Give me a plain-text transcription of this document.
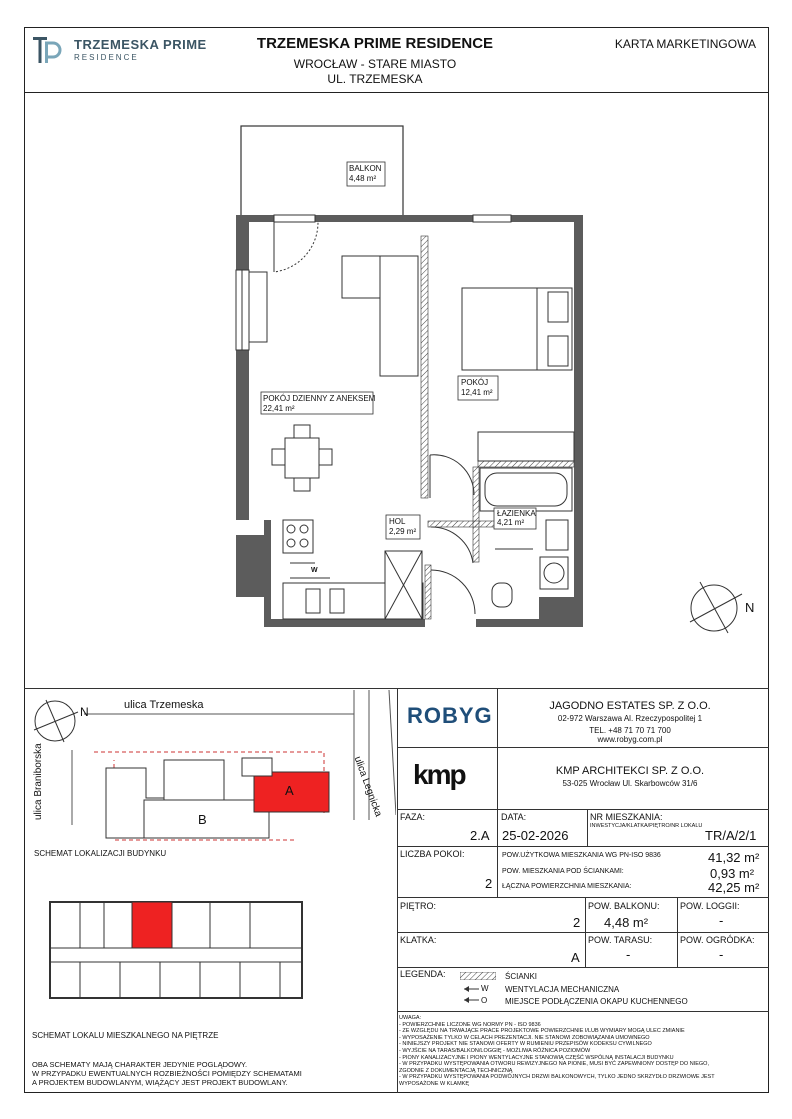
TRZEMESKA PRIME
RESIDENCE
TRZEMESKA PRIME RESIDENCE
WROCŁAW - STARE MIASTO
UL. TRZEMESKA
KARTA MARKETINGOWA
BALKON
4,48 m²
POKÓJ DZIENNY Z ANEKSEM
22,41 m²
POKÓJ
12,41 m²
HOL
2,29 m²
ŁAZIENKA
4,21 m²
W
N
ulica Trzemeska
N
ulica Braniborska	ulica Legnicka
A
B
SCHEMAT LOKALIZACJI BUDYNKU
SCHEMAT LOKALU MIESZKALNEGO NA PIĘTRZE
OBA SCHEMATY MAJĄ CHARAKTER JEDYNIE POGLĄDOWY.
W PRZYPADKU EWENTUALNYCH ROZBIEŻNOŚCI POMIĘDZY SCHEMATAMI
A PROJEKTEM BUDOWLANYM, WIĄŻĄCY JEST PROJEKT BUDOWLANY.
ROBYG	JAGODNO ESTATES SP. Z O.O.
02-972 Warszawa Al. Rzeczypospolitej 1
TEL. +48 71 70 71 700
www.robyg.com.pl
kmp	KMP ARCHITEKCI SP. Z O.O.
53-025 Wrocław Ul. Skarbowców 31/6
FAZA:
2.A
DATA:
25-02-2026
NR MIESZKANIA:
INWESTYCJA/KLATKA/PIĘTRO/NR LOKALU
TR/A/2/1
LICZBA POKOI:
2
POW.UŻYTKOWA MIESZKANIA WG PN-ISO 9836	41,32 m²
POW. MIESZKANIA POD ŚCIANKAMI:	0,93 m²
ŁĄCZNA POWIERZCHNIA MIESZKANIA:	42,25 m²
PIĘTRO:
2
POW. BALKONU:
4,48 m²
POW. LOGGII:
-
KLATKA:
A
POW. TARASU:
-
POW. OGRÓDKA:
-
LEGENDA:	ŚCIANKI
W
O
WENTYLACJA MECHANICZNA
MIEJSCE PODŁĄCZENIA OKAPU KUCHENNEGO
UWAGA:
- POWIERZCHNIE LICZONE WG NORMY PN - ISO 9836
- ZE WZGLĘDU NA TRWAJĄCE PRACE PROJEKTOWE POWIERZCHNIE I/LUB WYMIARY MOGĄ ULEC ZMIANIE
- WYPOSAŻENIE TYLKO W CELACH PREZENTACJI. NIE STANOWI ZOBOWIĄZANIA UMOWNEGO
- NINIEJSZY PROJEKT NIE STANOWI OFERTY W RUMIENIU PRZEPISÓW KODEKSU CYWILNEGO
- WYJŚCIE NA TARAS/BALKON/LOGGIĘ - MOŻLIWA RÓŻNICA POZIOMÓW
- PIONY KANALIZACYJNE I PIONY WENTYLACYJNE STANOWIĄ CZĘŚĆ WSPÓLNĄ INSTALACJI BUDYNKU
- W PRZYPADKU WYSTĘPOWANIA OTWORU REWIZYJNEGO NA PIONIE, MUSI BYĆ ZAPEWNIONY DOSTĘP DO NIEGO,
ZGODNIE Z DOKUMENTACJĄ TECHNICZNĄ
- W PRZYPADKU WYSTĘPOWANIA PODWÓJNYCH DRZWI BALKONOWYCH, TYLKO JEDNO SKRZYDŁO DRZWIOWE JEST
WYPOSAŻONE W KLAMKĘ
